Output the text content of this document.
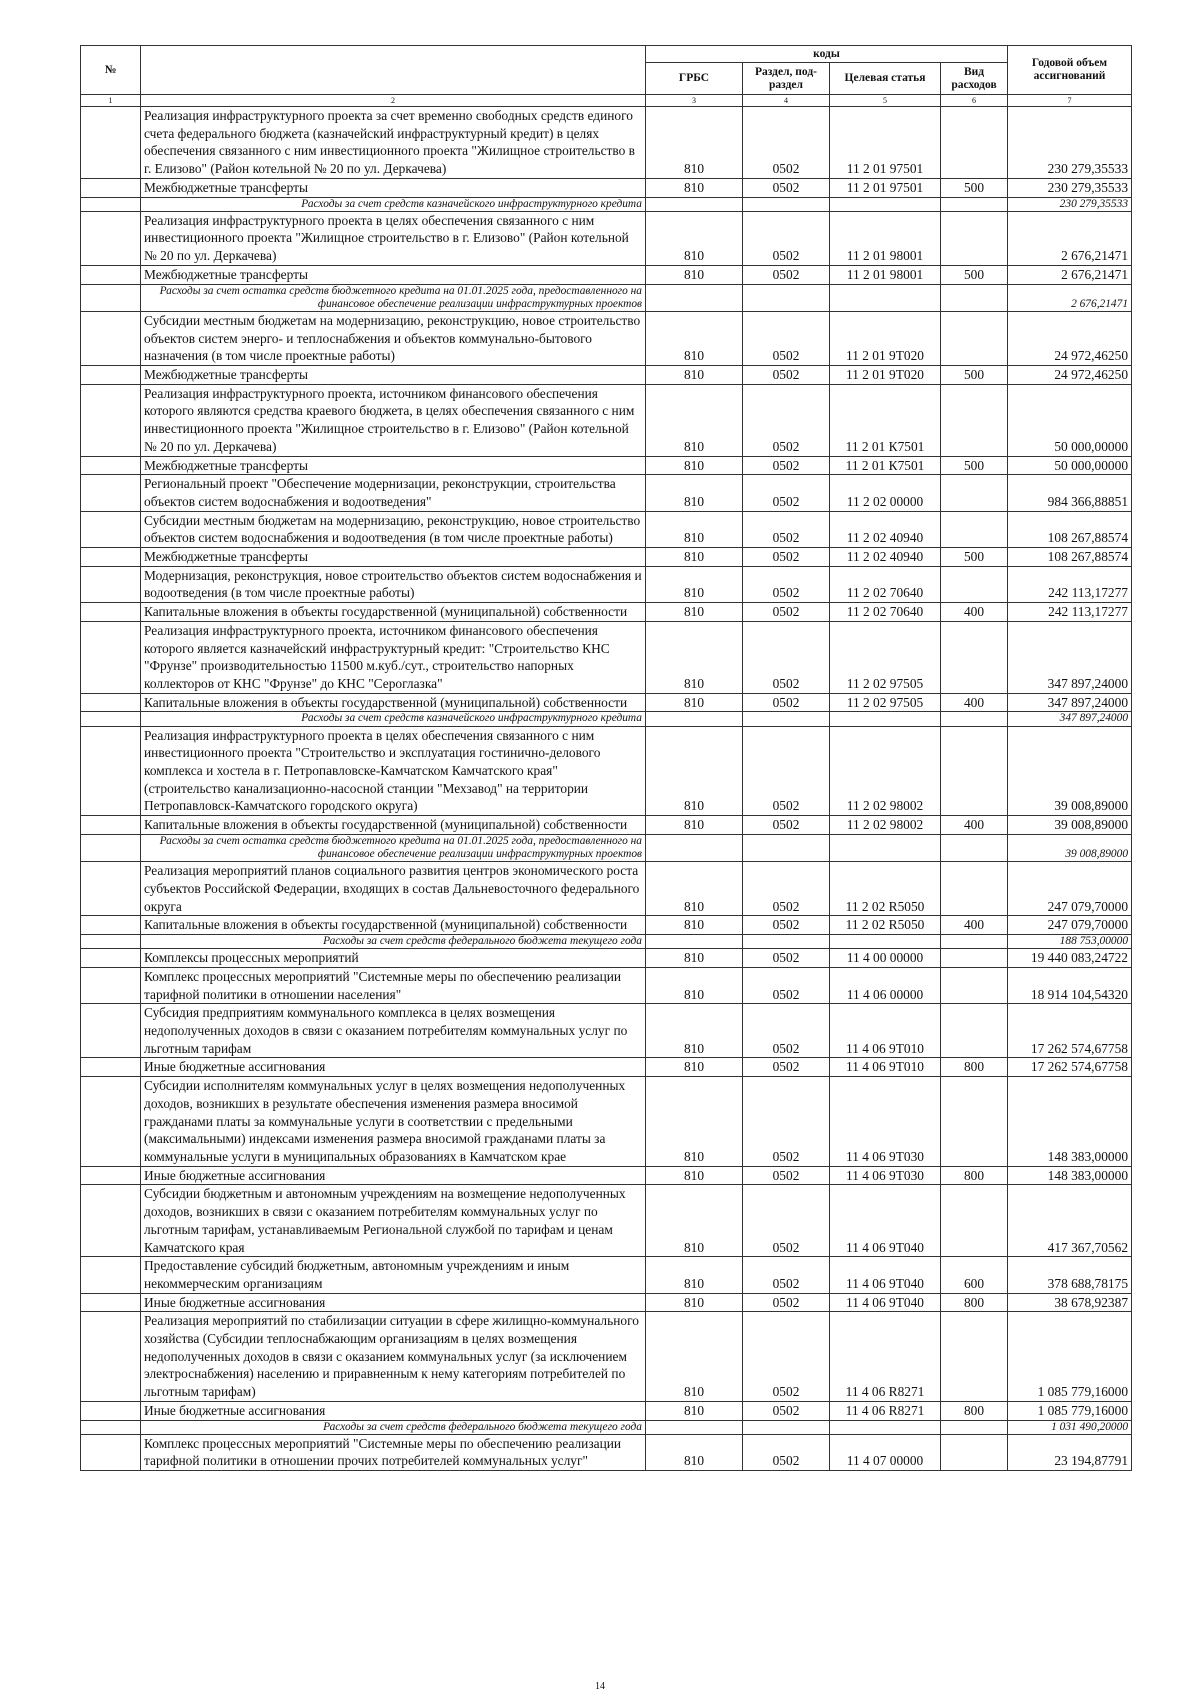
№		коды				Годовой объем ассигнований
		ГРБС	Раздел, под-раздел	Целевая статья	Вид расходов	
1	2	3	4	5	6	7
	Реализация инфраструктурного проекта за счет временно свободных средств единого счета федерального бюджета (казначейский инфраструктурный кредит) в целях обеспечения связанного с ним инвестиционного проекта "Жилищное строительство в г. Елизово" (Район котельной № 20 по ул. Деркачева)	810	0502	11 2 01 97501		230 279,35533
	Межбюджетные трансферты	810	0502	11 2 01 97501	500	230 279,35533
	Расходы за счет средств казначейского инфраструктурного кредита					230 279,35533
	Реализация инфраструктурного проекта в целях обеспечения связанного с ним инвестиционного проекта "Жилищное строительство в г. Елизово" (Район котельной № 20 по ул. Деркачева)	810	0502	11 2 01 98001		2 676,21471
	Межбюджетные трансферты	810	0502	11 2 01 98001	500	2 676,21471
	Расходы за счет остатка средств бюджетного кредита на 01.01.2025 года, предоставленного на финансовое обеспечение реализации инфраструктурных проектов					2 676,21471
	Субсидии местным бюджетам на модернизацию, реконструкцию, новое строительство объектов систем энерго- и теплоснабжения и объектов коммунально-бытового назначения (в том числе проектные работы)	810	0502	11 2 01 9Т020		24 972,46250
	Межбюджетные трансферты	810	0502	11 2 01 9Т020	500	24 972,46250
	Реализация инфраструктурного проекта, источником финансового обеспечения которого являются средства краевого бюджета, в целях обеспечения связанного с ним инвестиционного проекта "Жилищное строительство в г. Елизово" (Район котельной № 20 по ул. Деркачева)	810	0502	11 2 01 К7501		50 000,00000
	Межбюджетные трансферты	810	0502	11 2 01 К7501	500	50 000,00000
	Региональный проект "Обеспечение модернизации, реконструкции, строительства объектов систем водоснабжения и водоотведения"	810	0502	11 2 02 00000		984 366,88851
	Субсидии местным бюджетам на модернизацию, реконструкцию, новое строительство объектов систем водоснабжения и водоотведения (в том числе проектные работы)	810	0502	11 2 02 40940		108 267,88574
	Межбюджетные трансферты	810	0502	11 2 02 40940	500	108 267,88574
	Модернизация, реконструкция, новое строительство объектов систем водоснабжения и водоотведения (в том числе проектные работы)	810	0502	11 2 02 70640		242 113,17277
	Капитальные вложения в объекты государственной (муниципальной) собственности	810	0502	11 2 02 70640	400	242 113,17277
	Реализация инфраструктурного проекта, источником финансового обеспечения которого является казначейский инфраструктурный кредит: "Строительство КНС "Фрунзе" производительностью 11500 м.куб./сут., строительство напорных коллекторов от КНС "Фрунзе" до КНС "Сероглазка"	810	0502	11 2 02 97505		347 897,24000
	Капитальные вложения в объекты государственной (муниципальной) собственности	810	0502	11 2 02 97505	400	347 897,24000
	Расходы за счет средств казначейского инфраструктурного кредита					347 897,24000
	Реализация инфраструктурного проекта в целях обеспечения связанного с ним инвестиционного проекта "Строительство и эксплуатация гостинично-делового комплекса и хостела в г. Петропавловске-Камчатском Камчатского края" (строительство канализационно-насосной станции "Мехзавод" на территории Петропавловск-Камчатского городского округа)	810	0502	11 2 02 98002		39 008,89000
	Капитальные вложения в объекты государственной (муниципальной) собственности	810	0502	11 2 02 98002	400	39 008,89000
	Расходы за счет остатка средств бюджетного кредита на 01.01.2025 года, предоставленного на финансовое обеспечение реализации инфраструктурных проектов					39 008,89000
	Реализация мероприятий планов социального развития центров экономического роста субъектов Российской Федерации, входящих в состав Дальневосточного федерального округа	810	0502	11 2 02 R5050		247 079,70000
	Капитальные вложения в объекты государственной (муниципальной) собственности	810	0502	11 2 02 R5050	400	247 079,70000
	Расходы за счет средств федерального бюджета текущего года					188 753,00000
	Комплексы процессных мероприятий	810	0502	11 4 00 00000		19 440 083,24722
	Комплекс процессных мероприятий "Системные меры по обеспечению реализации тарифной политики в отношении населения"	810	0502	11 4 06 00000		18 914 104,54320
	Субсидия предприятиям коммунального комплекса в целях возмещения недополученных доходов в связи с оказанием потребителям коммунальных услуг по льготным тарифам	810	0502	11 4 06 9Т010		17 262 574,67758
	Иные бюджетные ассигнования	810	0502	11 4 06 9Т010	800	17 262 574,67758
	Субсидии исполнителям коммунальных услуг в целях возмещения недополученных доходов, возникших в результате обеспечения изменения размера вносимой гражданами платы за коммунальные услуги в соответствии с предельными (максимальными) индексами изменения размера вносимой гражданами платы за коммунальные услуги в муниципальных образованиях в Камчатском крае	810	0502	11 4 06 9Т030		148 383,00000
	Иные бюджетные ассигнования	810	0502	11 4 06 9Т030	800	148 383,00000
	Субсидии бюджетным и автономным учреждениям на возмещение недополученных доходов, возникших в связи с оказанием потребителям коммунальных услуг по льготным тарифам, устанавливаемым Региональной службой по тарифам и ценам Камчатского края	810	0502	11 4 06 9Т040		417 367,70562
	Предоставление субсидий бюджетным, автономным учреждениям и иным некоммерческим организациям	810	0502	11 4 06 9Т040	600	378 688,78175
	Иные бюджетные ассигнования	810	0502	11 4 06 9Т040	800	38 678,92387
	Реализация мероприятий по стабилизации ситуации в сфере жилищно-коммунального хозяйства (Субсидии теплоснабжающим организациям в целях возмещения недополученных доходов в связи с оказанием коммунальных услуг (за исключением электроснабжения) населению и приравненным к нему категориям потребителей по льготным тарифам)	810	0502	11 4 06 R8271		1 085 779,16000
	Иные бюджетные ассигнования	810	0502	11 4 06 R8271	800	1 085 779,16000
	Расходы за счет средств федерального бюджета текущего года					1 031 490,20000
	Комплекс процессных мероприятий "Системные меры по обеспечению реализации тарифной политики в отношении прочих потребителей коммунальных услуг"	810	0502	11 4 07 00000		23 194,87791
14
